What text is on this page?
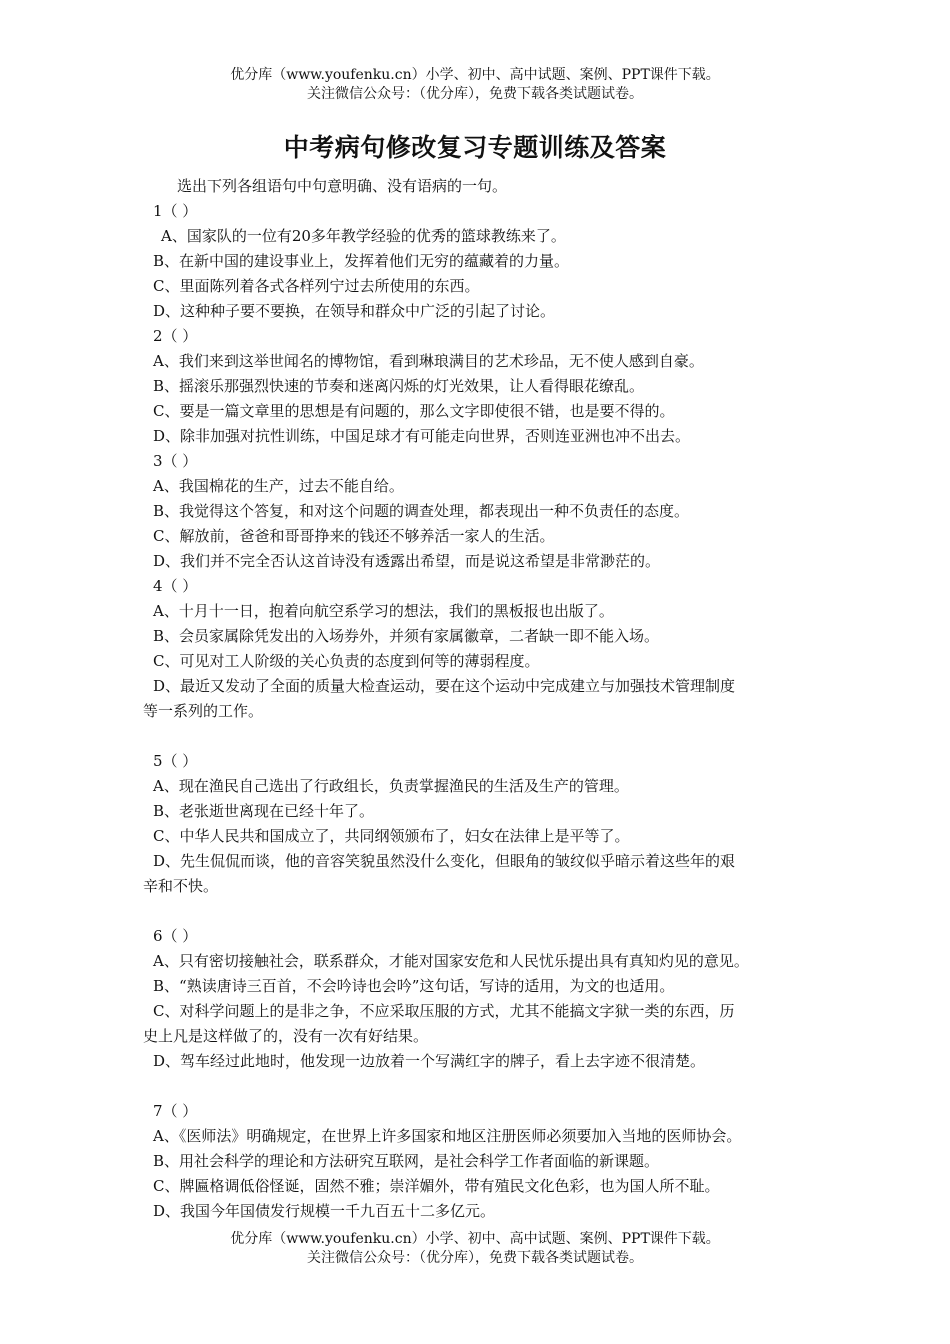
优分库（www.youfenku.cn）小学、初中、高中试题、案例、PPT课件下载。
关注微信公众号：（优分库），免费下载各类试题试卷。
中考病句修改复习专题训练及答案
选出下列各组语句中句意明确、没有语病的一句。
1（ ）
A、国家队的一位有20多年教学经验的优秀的篮球教练来了。
B、在新中国的建设事业上，发挥着他们无穷的蕴藏着的力量。
C、里面陈列着各式各样列宁过去所使用的东西。
D、这种种子要不要换，在领导和群众中广泛的引起了讨论。
2（ ）
A、我们来到这举世闻名的博物馆，看到琳琅满目的艺术珍品，无不使人感到自豪。
B、摇滚乐那强烈快速的节奏和迷离闪烁的灯光效果，让人看得眼花缭乱。
C、要是一篇文章里的思想是有问题的，那么文字即使很不错，也是要不得的。
D、除非加强对抗性训练，中国足球才有可能走向世界，否则连亚洲也冲不出去。
3（ ）
A、我国棉花的生产，过去不能自给。
B、我觉得这个答复，和对这个问题的调查处理，都表现出一种不负责任的态度。
C、解放前，爸爸和哥哥挣来的钱还不够养活一家人的生活。
D、我们并不完全否认这首诗没有透露出希望，而是说这希望是非常渺茫的。
4（ ）
A、十月十一日，抱着向航空系学习的想法，我们的黑板报也出版了。
B、会员家属除凭发出的入场券外，并须有家属徽章，二者缺一即不能入场。
C、可见对工人阶级的关心负责的态度到何等的薄弱程度。
D、最近又发动了全面的质量大检查运动，要在这个运动中完成建立与加强技术管理制度
等一系列的工作。
5（ ）
A、现在渔民自己选出了行政组长，负责掌握渔民的生活及生产的管理。
B、老张逝世离现在已经十年了。
C、中华人民共和国成立了，共同纲领颁布了，妇女在法律上是平等了。
D、先生侃侃而谈，他的音容笑貌虽然没什么变化，但眼角的皱纹似乎暗示着这些年的艰
辛和不快。
6（ ）
A、只有密切接触社会，联系群众，才能对国家安危和人民忧乐提出具有真知灼见的意见。
B、“熟读唐诗三百首，不会吟诗也会吟”这句话，写诗的适用，为文的也适用。
C、对科学问题上的是非之争，不应采取压服的方式，尤其不能搞文字狱一类的东西，历
史上凡是这样做了的，没有一次有好结果。
D、驾车经过此地时，他发现一边放着一个写满红字的牌子，看上去字迹不很清楚。
7（ ）
A、《医师法》明确规定，在世界上许多国家和地区注册医师必须要加入当地的医师协会。
B、用社会科学的理论和方法研究互联网，是社会科学工作者面临的新课题。
C、牌匾格调低俗怪诞，固然不雅；崇洋媚外，带有殖民文化色彩，也为国人所不耻。
D、我国今年国债发行规模一千九百五十二多亿元。
优分库（www.youfenku.cn）小学、初中、高中试题、案例、PPT课件下载。
关注微信公众号：（优分库），免费下载各类试题试卷。
